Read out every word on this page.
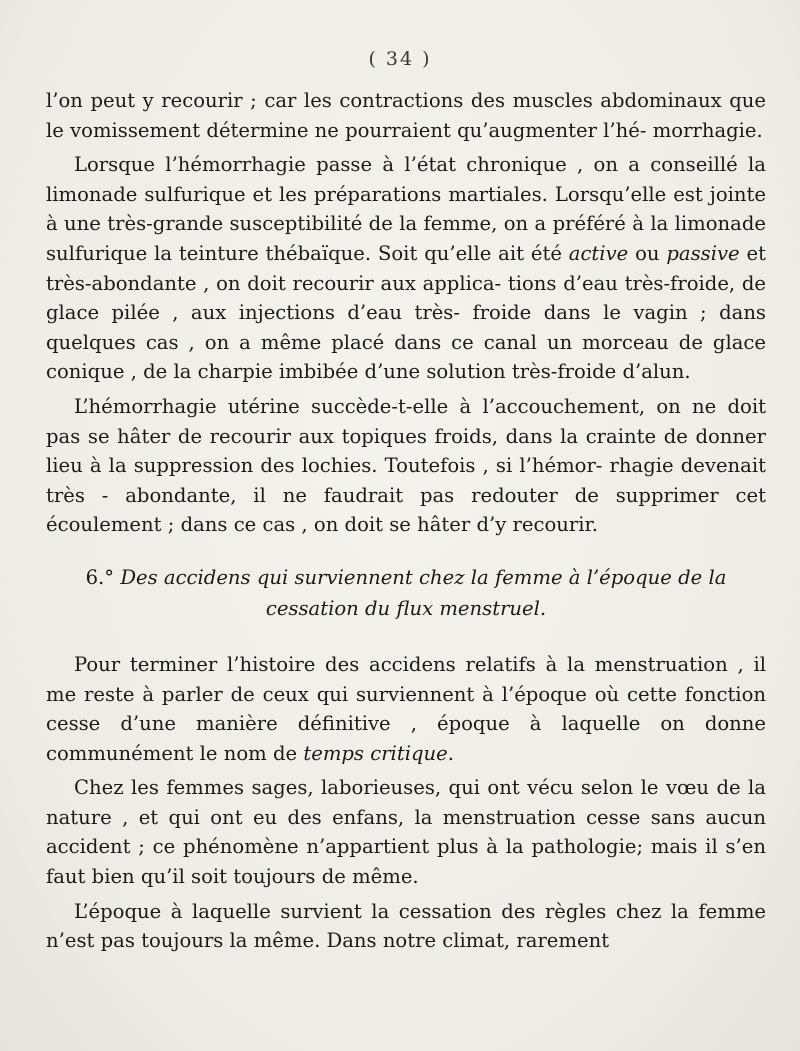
( 34 )

l’on peut y recourir ; car les contractions des muscles abdominaux que le vomissement détermine ne pourraient qu’augmenter l’hé- morrhagie.

Lorsque l’hémorrhagie passe à l’état chronique , on a conseillé la limonade sulfurique et les préparations martiales. Lorsqu’elle est jointe à une très-grande susceptibilité de la femme, on a préféré à la limonade sulfurique la teinture thébaïque. Soit qu’elle ait été active ou passive et très-abondante , on doit recourir aux applica- tions d’eau très-froide, de glace pilée , aux injections d’eau très- froide dans le vagin ; dans quelques cas , on a même placé dans ce canal un morceau de glace conique , de la charpie imbibée d’une solution très-froide d’alun.

L’hémorrhagie utérine succède-t-elle à l’accouchement, on ne doit pas se hâter de recourir aux topiques froids, dans la crainte de donner lieu à la suppression des lochies. Toutefois , si l’hémor- rhagie devenait très - abondante, il ne faudrait pas redouter de supprimer cet écoulement ; dans ce cas , on doit se hâter d’y recourir.

6.° Des accidens qui surviennent chez la femme à l’époque de la
cessation du flux menstruel.

Pour terminer l’histoire des accidens relatifs à la menstruation , il me reste à parler de ceux qui surviennent à l’époque où cette fonction cesse d’une manière définitive , époque à laquelle on donne communément le nom de temps critique.

Chez les femmes sages, laborieuses, qui ont vécu selon le vœu de la nature , et qui ont eu des enfans, la menstruation cesse sans aucun accident ; ce phénomène n’appartient plus à la pathologie; mais il s’en faut bien qu’il soit toujours de même.

L’époque à laquelle survient la cessation des règles chez la femme n’est pas toujours la même. Dans notre climat, rarement
